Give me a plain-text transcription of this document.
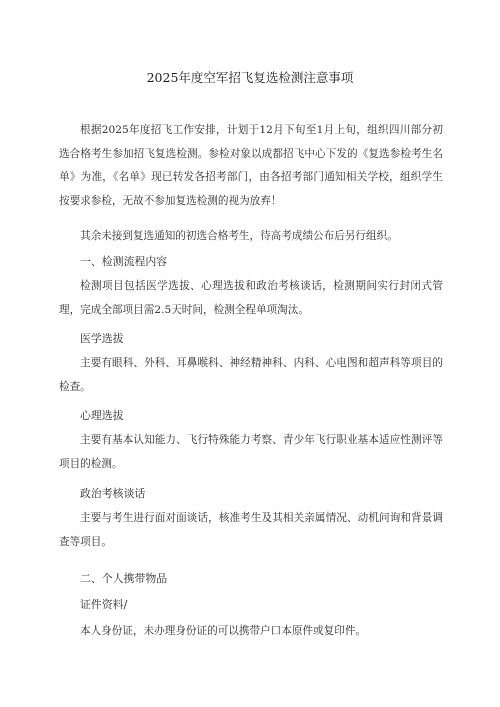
2025年度空军招飞复选检测注意事项

根据2025年度招飞工作安排，计划于12月下旬至1月上旬，组织四川部分初选合格考生参加招飞复选检测。参检对象以成都招飞中心下发的《复选参检考生名单》为准，《名单》现已转发各招考部门，由各招考部门通知相关学校，组织学生按要求参检，无故不参加复选检测的视为放弃！

其余未接到复选通知的初选合格考生，待高考成绩公布后另行组织。

一、检测流程内容

检测项目包括医学选拔、心理选拔和政治考核谈话，检测期间实行封闭式管理，完成全部项目需2.5天时间，检测全程单项淘汰。

医学选拔

主要有眼科、外科、耳鼻喉科、神经精神科、内科、心电图和超声科等项目的检查。

心理选拔

主要有基本认知能力、飞行特殊能力考察、青少年飞行职业基本适应性测评等项目的检测。

政治考核谈话

主要与考生进行面对面谈话，核准考生及其相关亲属情况、动机问询和背景调查等项目。

二、个人携带物品

证件资料/

本人身份证，未办理身份证的可以携带户口本原件或复印件。
